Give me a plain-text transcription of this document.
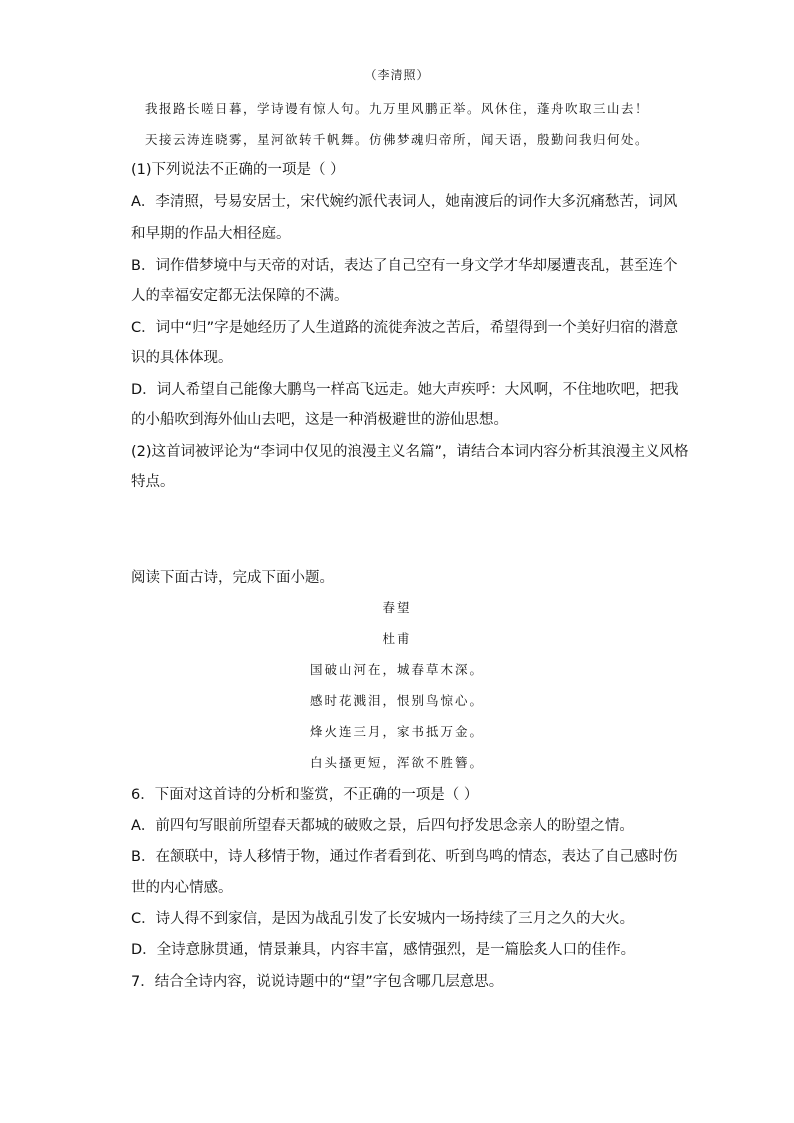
（李清照）
我报路长嗟日暮，学诗谩有惊人句。九万里风鹏正举。风休住，蓬舟吹取三山去！
天接云涛连晓雾，星河欲转千帆舞。仿佛梦魂归帝所，闻天语，殷勤问我归何处。
(1)下列说法不正确的一项是（ ）
A．李清照，号易安居士，宋代婉约派代表词人，她南渡后的词作大多沉痛愁苦，词风
和早期的作品大相径庭。
B．词作借梦境中与天帝的对话，表达了自己空有一身文学才华却屡遭丧乱，甚至连个
人的幸福安定都无法保障的不满。
C．词中“归”字是她经历了人生道路的流徙奔波之苦后，希望得到一个美好归宿的潜意
识的具体体现。
D．词人希望自己能像大鹏鸟一样高飞远走。她大声疾呼：大风啊，不住地吹吧，把我
的小船吹到海外仙山去吧，这是一种消极避世的游仙思想。
(2)这首词被评论为“李词中仅见的浪漫主义名篇”，请结合本词内容分析其浪漫主义风格
特点。
阅读下面古诗，完成下面小题。
春望
杜甫
国破山河在，城春草木深。
感时花溅泪，恨别鸟惊心。
烽火连三月，家书抵万金。
白头搔更短，浑欲不胜簪。
6．下面对这首诗的分析和鉴赏，不正确的一项是（ ）
A．前四句写眼前所望春天都城的破败之景，后四句抒发思念亲人的盼望之情。
B．在颔联中，诗人移情于物，通过作者看到花、听到鸟鸣的情态，表达了自己感时伤
世的内心情感。
C．诗人得不到家信，是因为战乱引发了长安城内一场持续了三月之久的大火。
D．全诗意脉贯通，情景兼具，内容丰富，感情强烈，是一篇脍炙人口的佳作。
7．结合全诗内容，说说诗题中的“望”字包含哪几层意思。
